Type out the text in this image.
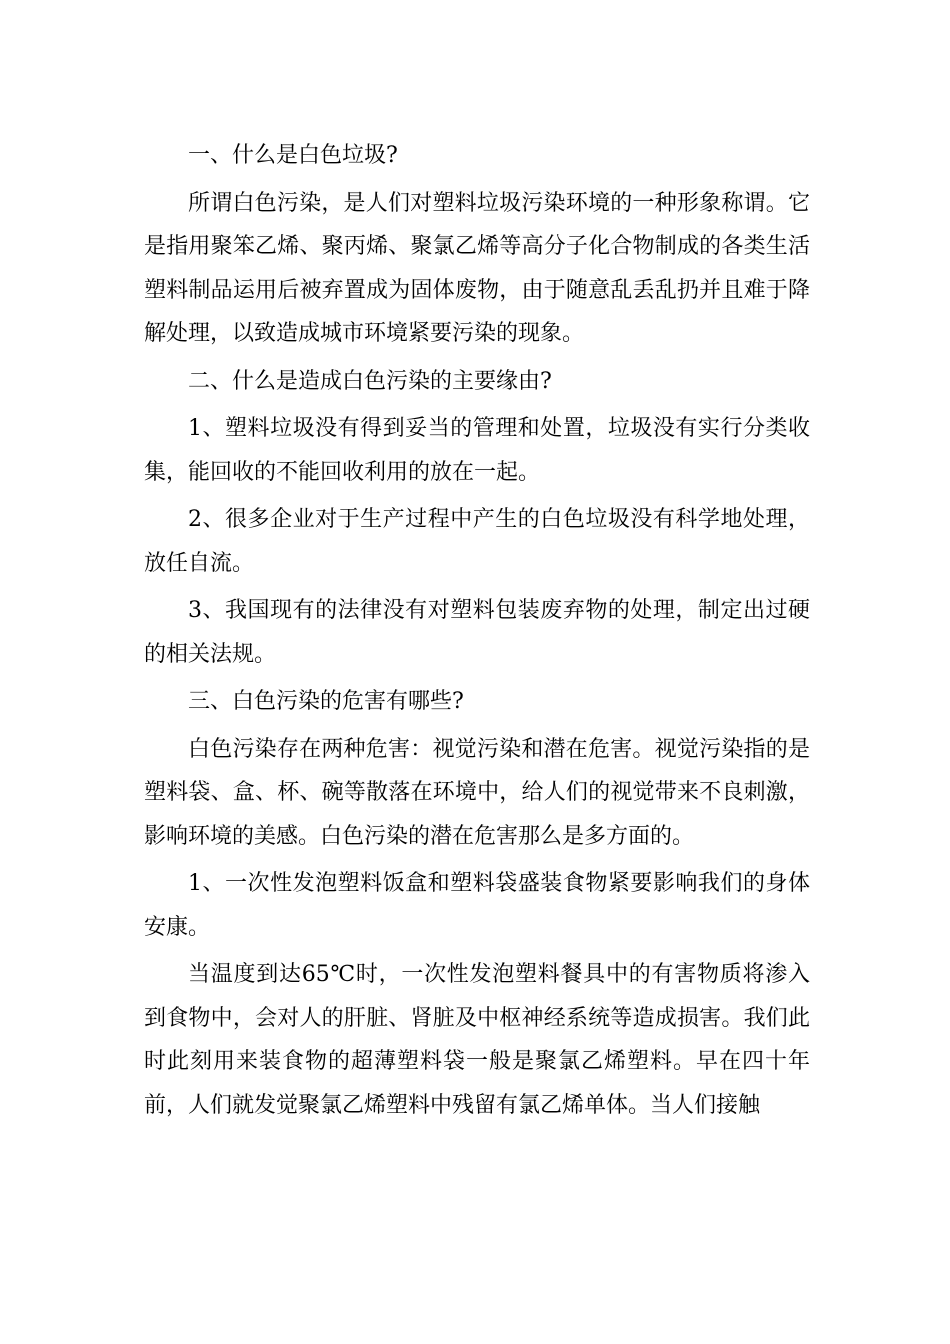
一、什么是白色垃圾?

所谓白色污染，是人们对塑料垃圾污染环境的一种形象称谓。它是指用聚笨乙烯、聚丙烯、聚氯乙烯等高分子化合物制成的各类生活塑料制品运用后被弃置成为固体废物，由于随意乱丢乱扔并且难于降解处理，以致造成城市环境紧要污染的现象。

二、什么是造成白色污染的主要缘由?

1、塑料垃圾没有得到妥当的管理和处置，垃圾没有实行分类收集，能回收的不能回收利用的放在一起。

2、很多企业对于生产过程中产生的白色垃圾没有科学地处理，放任自流。

3、我国现有的法律没有对塑料包装废弃物的处理，制定出过硬的相关法规。

三、白色污染的危害有哪些?

白色污染存在两种危害：视觉污染和潜在危害。视觉污染指的是塑料袋、盒、杯、碗等散落在环境中，给人们的视觉带来不良刺激，影响环境的美感。白色污染的潜在危害那么是多方面的。

1、一次性发泡塑料饭盒和塑料袋盛装食物紧要影响我们的身体安康。

当温度到达65℃时，一次性发泡塑料餐具中的有害物质将渗入到食物中，会对人的肝脏、肾脏及中枢神经系统等造成损害。我们此时此刻用来装食物的超薄塑料袋一般是聚氯乙烯塑料。早在四十年前，人们就发觉聚氯乙烯塑料中残留有氯乙烯单体。当人们接触
